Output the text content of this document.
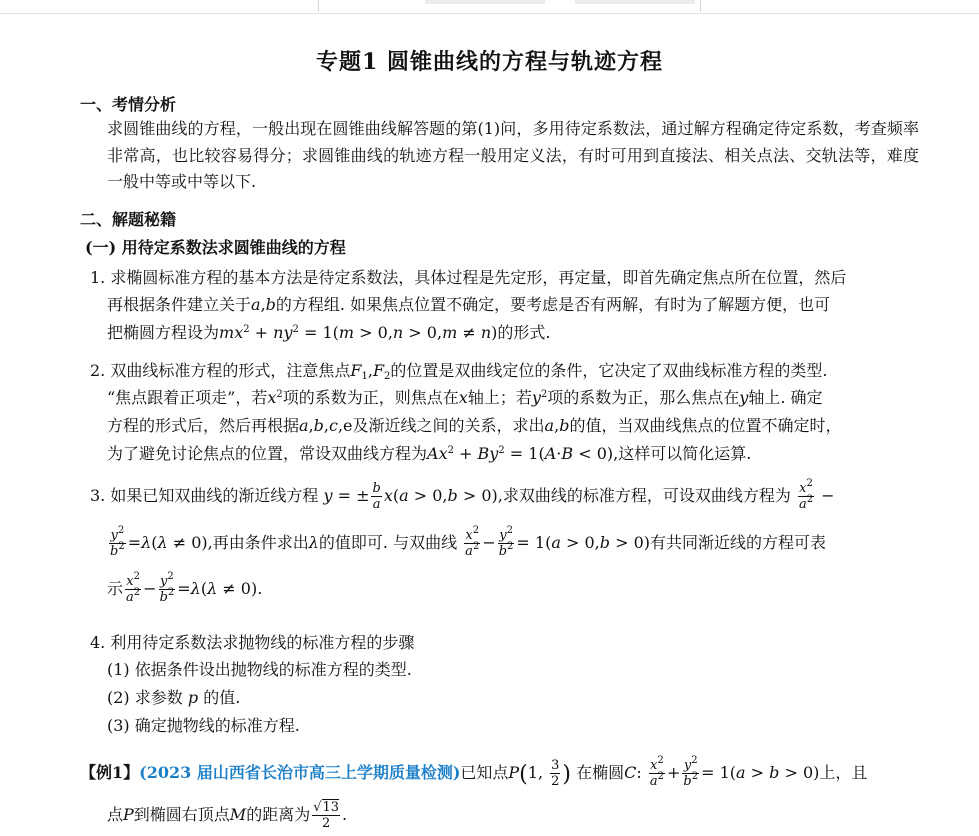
专题1 圆锥曲线的方程与轨迹方程
一、考情分析
求圆锥曲线的方程，一般出现在圆锥曲线解答题的第(1)问，多用待定系数法，通过解方程确定待定系数，考查频率非常高，也比较容易得分；求圆锥曲线的轨迹方程一般用定义法，有时可用到直接法、相关点法、交轨法等，难度一般中等或中等以下.
二、解题秘籍
(一) 用待定系数法求圆锥曲线的方程
1. 求椭圆标准方程的基本方法是待定系数法，具体过程是先定形，再定量，即首先确定焦点所在位置，然后
再根据条件建立关于a,b的方程组. 如果焦点位置不确定，要考虑是否有两解，有时为了解题方便，也可
把椭圆方程设为$mx^2 + ny^2 = 1(m > 0,n > 0,m \ne n)$的形式.
2. 双曲线标准方程的形式，注意焦点$F_1,F_2$的位置是双曲线定位的条件，它决定了双曲线标准方程的类型.
“焦点跟着正项走”，若$x^2$项的系数为正，则焦点在x轴上；若$y^2$项的系数为正，那么焦点在y轴上. 确定
方程的形式后，然后再根据a,b,c,e及渐近线之间的关系，求出a,b的值，当双曲线焦点的位置不确定时，
为了避免讨论焦点的位置，常设双曲线方程为$Ax^2 + By^2 = 1(A\cdot B < 0)$,这样可以简化运算.
3. 如果已知双曲线的渐近线方程 y = ± $\frac{b}{a} x(a > 0,b > 0)$,求双曲线的标准方程，可设双曲线方程为 $\frac{x^2}{a^2}$ −
$\frac{y^2}{b^2} =\lambda(\lambda \ne 0)$,再由条件求出λ的值即可. 与双曲线 $\frac{x^2}{a^2} - \frac{y^2}{b^2} = 1(a > 0,b > 0)$有共同渐近线的方程可表
示 $\frac{x^2}{a^2} - \frac{y^2}{b^2} =\lambda(\lambda \ne 0)$.
4. 利用待定系数法求抛物线的标准方程的步骤
(1) 依据条件设出抛物线的标准方程的类型.
(2) 求参数 p 的值.
(3) 确定抛物线的标准方程.
【例1】(2023 届山西省长治市高三上学期质量检测)已知点P(1, $\frac{3}{2}$ ) 在椭圆C: $\frac{x^2}{a^2} + \frac{y^2}{b^2} = 1(a > b > 0)$上，且
点P到椭圆右顶点M的距离为 $\frac{√13}{2}$ .
